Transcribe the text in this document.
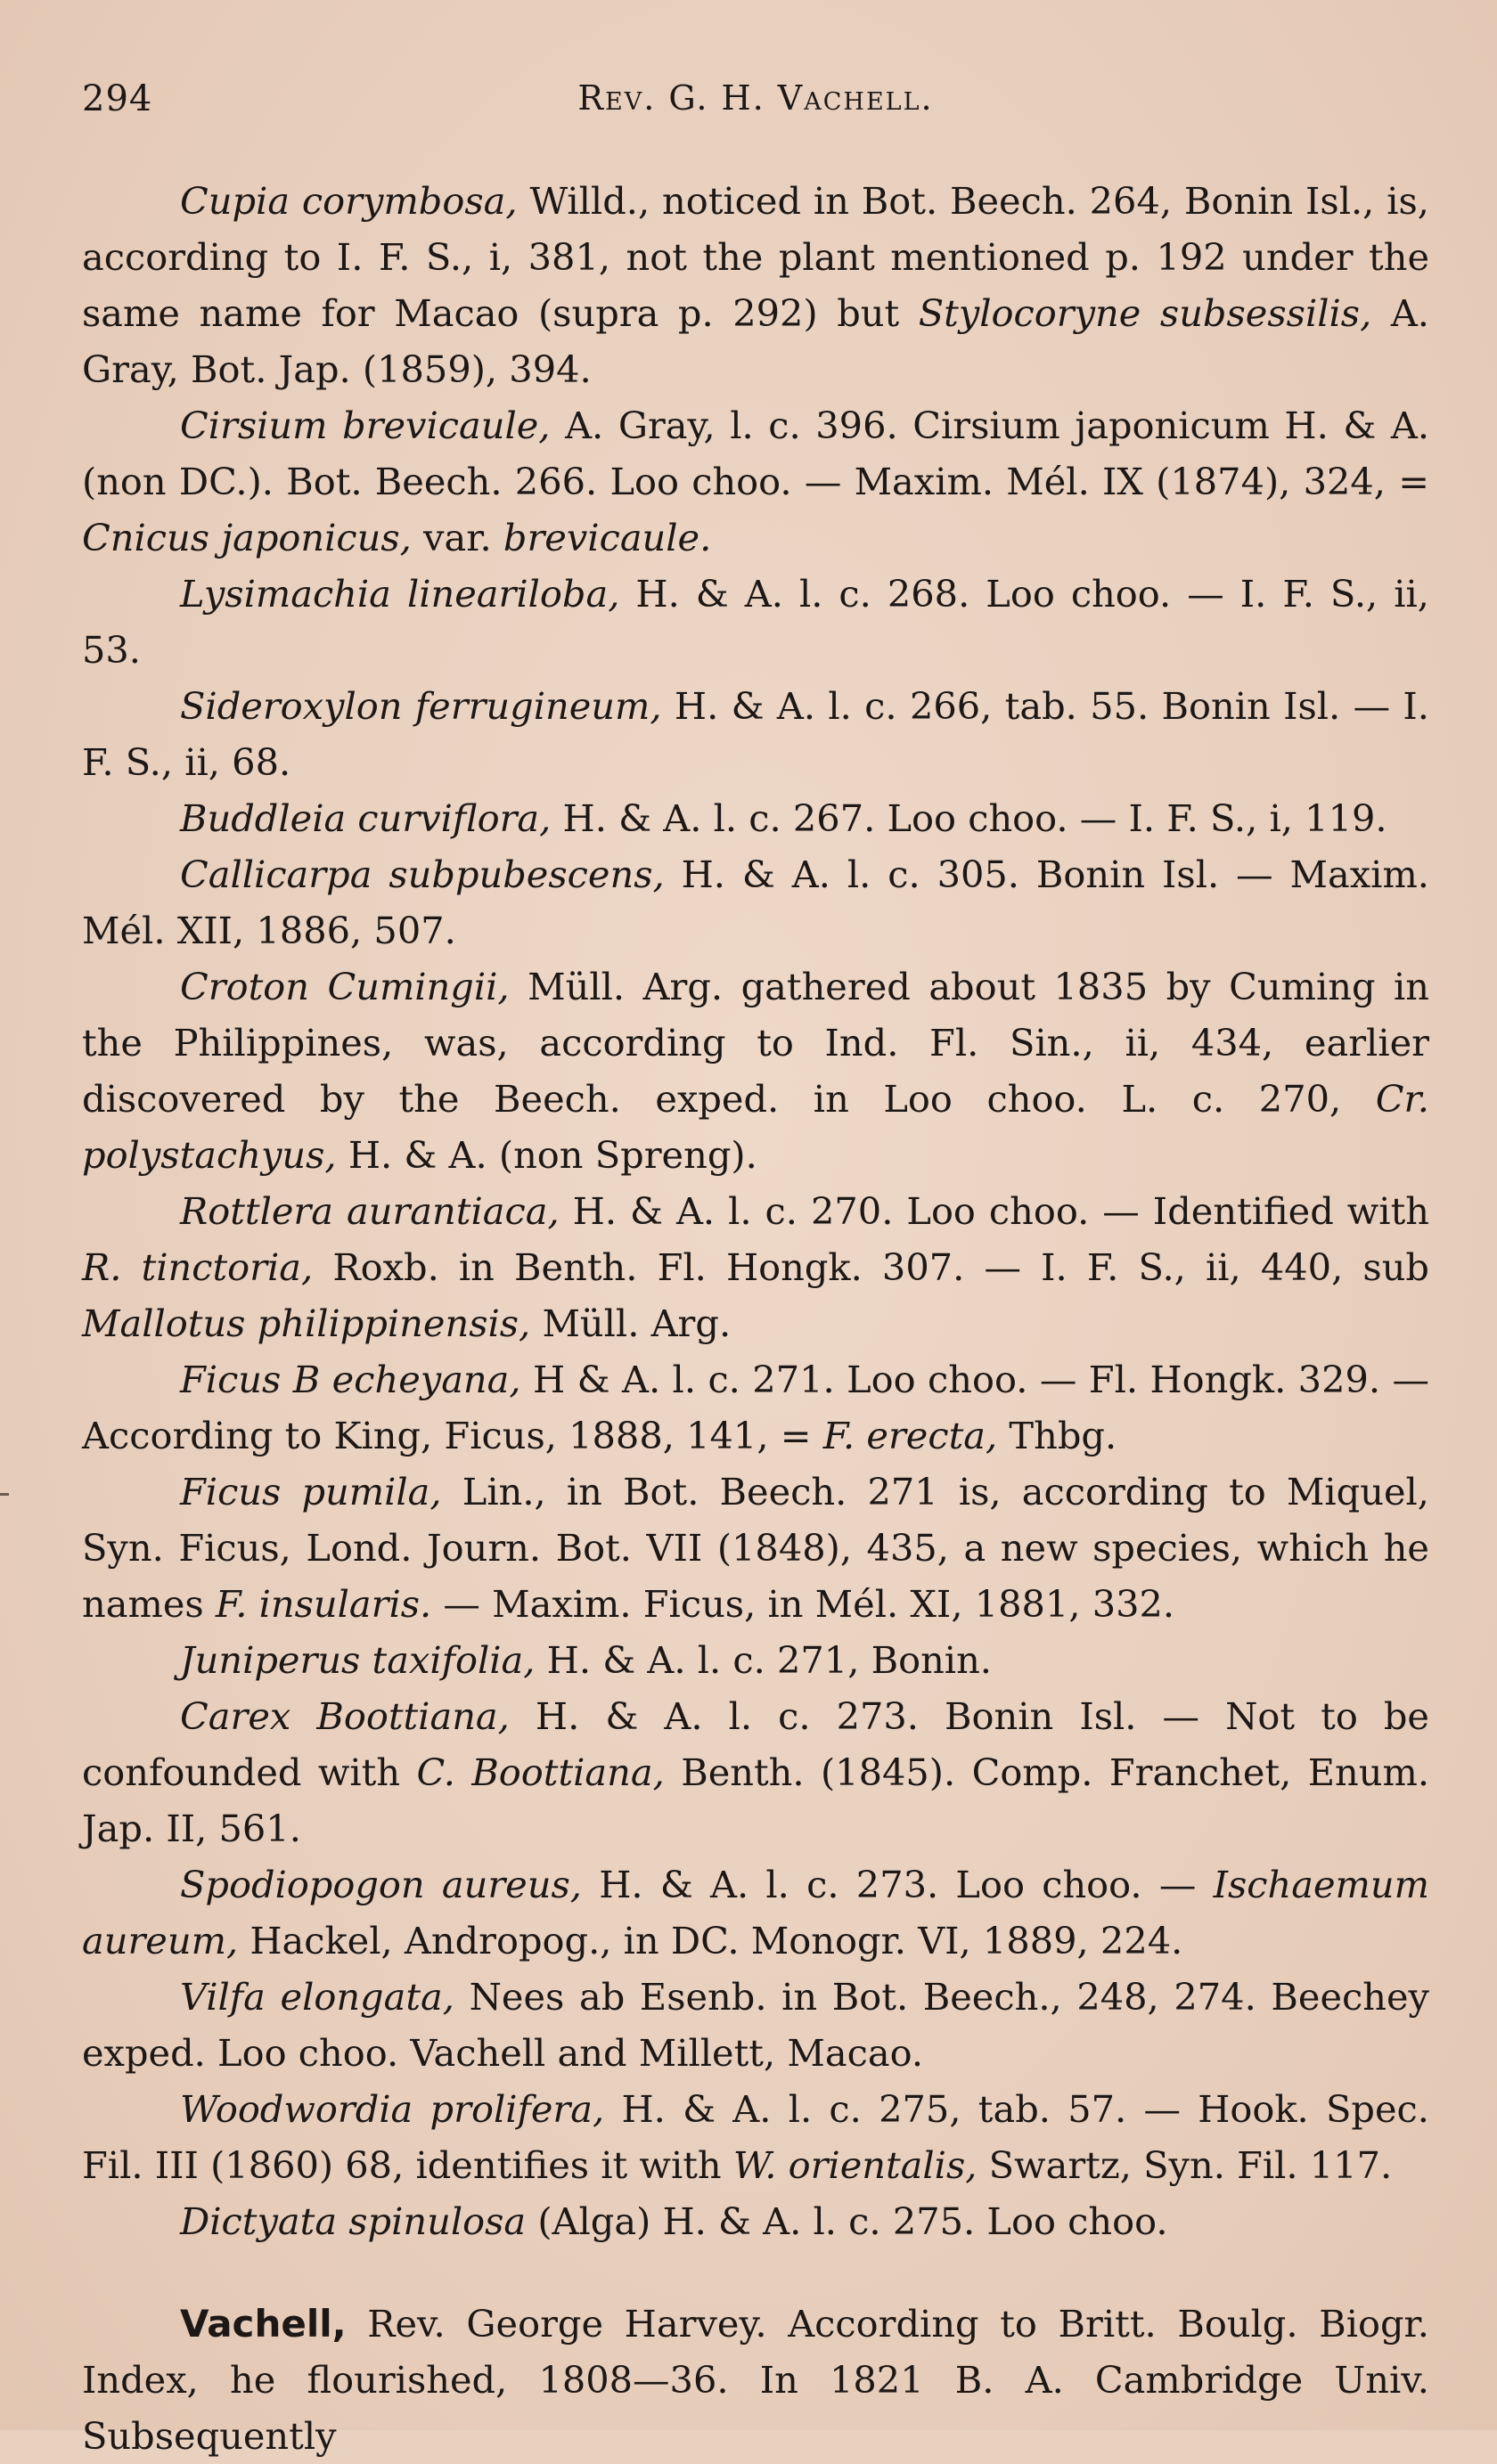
294	Rev. G. H. Vachell.

Cupia corymbosa, Willd., noticed in Bot. Beech. 264, Bonin Isl., is, according to I. F. S., i, 381, not the plant mentioned p. 192 under the same name for Macao (supra p. 292) but Stylocoryne subsessilis, A. Gray, Bot. Jap. (1859), 394.

Cirsium brevicaule, A. Gray, l. c. 396. Cirsium japonicum H. & A. (non DC.). Bot. Beech. 266. Loo choo. — Maxim. Mél. IX (1874), 324, = Cnicus japonicus, var. brevicaule.

Lysimachia lineariloba, H. & A. l. c. 268. Loo choo. — I. F. S., ii, 53.

Sideroxylon ferrugineum, H. & A. l. c. 266, tab. 55. Bonin Isl. — I. F. S., ii, 68.

Buddleia curviflora, H. & A. l. c. 267. Loo choo. — I. F. S., i, 119.

Callicarpa subpubescens, H. & A. l. c. 305. Bonin Isl. — Maxim. Mél. XII, 1886, 507.

Croton Cumingii, Müll. Arg. gathered about 1835 by Cuming in the Philippines, was, according to Ind. Fl. Sin., ii, 434, earlier discovered by the Beech. exped. in Loo choo. L. c. 270, Cr. polystachyus, H. & A. (non Spreng).

Rottlera aurantiaca, H. & A. l. c. 270. Loo choo. — Identified with R. tinctoria, Roxb. in Benth. Fl. Hongk. 307. — I. F. S., ii, 440, sub Mallotus philippinensis, Müll. Arg.

Ficus B echeyana, H & A. l. c. 271. Loo choo. — Fl. Hongk. 329. — According to King, Ficus, 1888, 141, = F. erecta, Thbg.

Ficus pumila, Lin., in Bot. Beech. 271 is, according to Miquel, Syn. Ficus, Lond. Journ. Bot. VII (1848), 435, a new species, which he names F. insularis. — Maxim. Ficus, in Mél. XI, 1881, 332.

Juniperus taxifolia, H. & A. l. c. 271, Bonin.

Carex Boottiana, H. & A. l. c. 273. Bonin Isl. — Not to be confounded with C. Boottiana, Benth. (1845). Comp. Franchet, Enum. Jap. II, 561.

Spodiopogon aureus, H. & A. l. c. 273. Loo choo. — Ischaemum aureum, Hackel, Andropog., in DC. Monogr. VI, 1889, 224.

Vilfa elongata, Nees ab Esenb. in Bot. Beech., 248, 274. Beechey exped. Loo choo. Vachell and Millett, Macao.

Woodwordia prolifera, H. & A. l. c. 275, tab. 57. — Hook. Spec. Fil. III (1860) 68, identifies it with W. orientalis, Swartz, Syn. Fil. 117.

Dictyata spinulosa (Alga) H. & A. l. c. 275. Loo choo.

Vachell, Rev. George Harvey. According to Britt. Boulg. Biogr. Index, he flourished, 1808—36. In 1821 B. A. Cambridge Univ. Subsequently
